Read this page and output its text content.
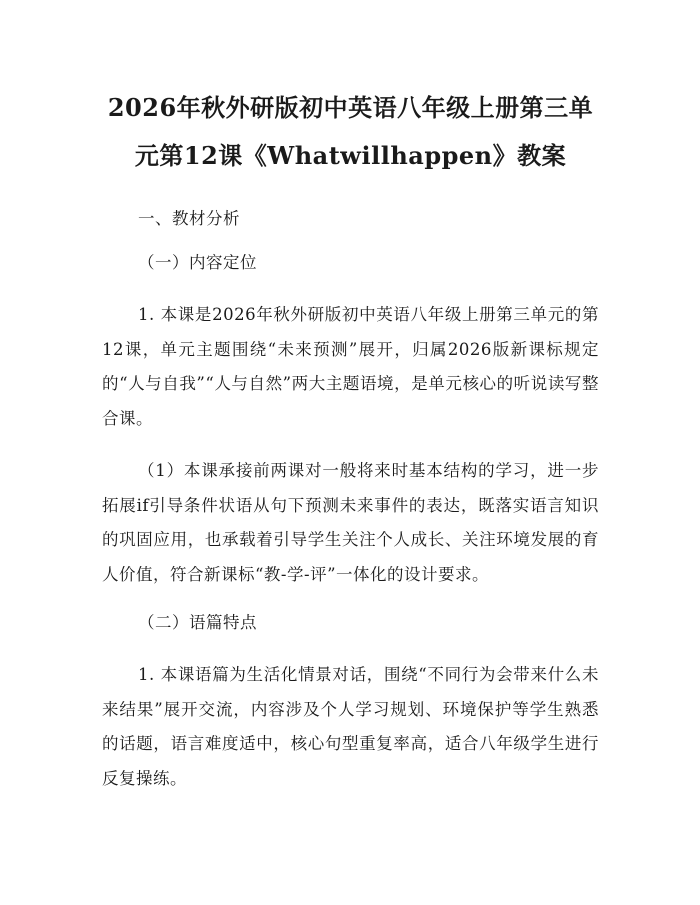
2026年秋外研版初中英语八年级上册第三单元第12课《Whatwillhappen》教案
一、教材分析
（一）内容定位

1. 本课是2026年秋外研版初中英语八年级上册第三单元的第12课，单元主题围绕“未来预测”展开，归属2026版新课标规定的“人与自我”“人与自然”两大主题语境，是单元核心的听说读写整合课。

（1）本课承接前两课对一般将来时基本结构的学习，进一步拓展if引导条件状语从句下预测未来事件的表达，既落实语言知识的巩固应用，也承载着引导学生关注个人成长、关注环境发展的育人价值，符合新课标“教-学-评”一体化的设计要求。

（二）语篇特点

1. 本课语篇为生活化情景对话，围绕“不同行为会带来什么未来结果”展开交流，内容涉及个人学习规划、环境保护等学生熟悉的话题，语言难度适中，核心句型重复率高，适合八年级学生进行反复操练。
